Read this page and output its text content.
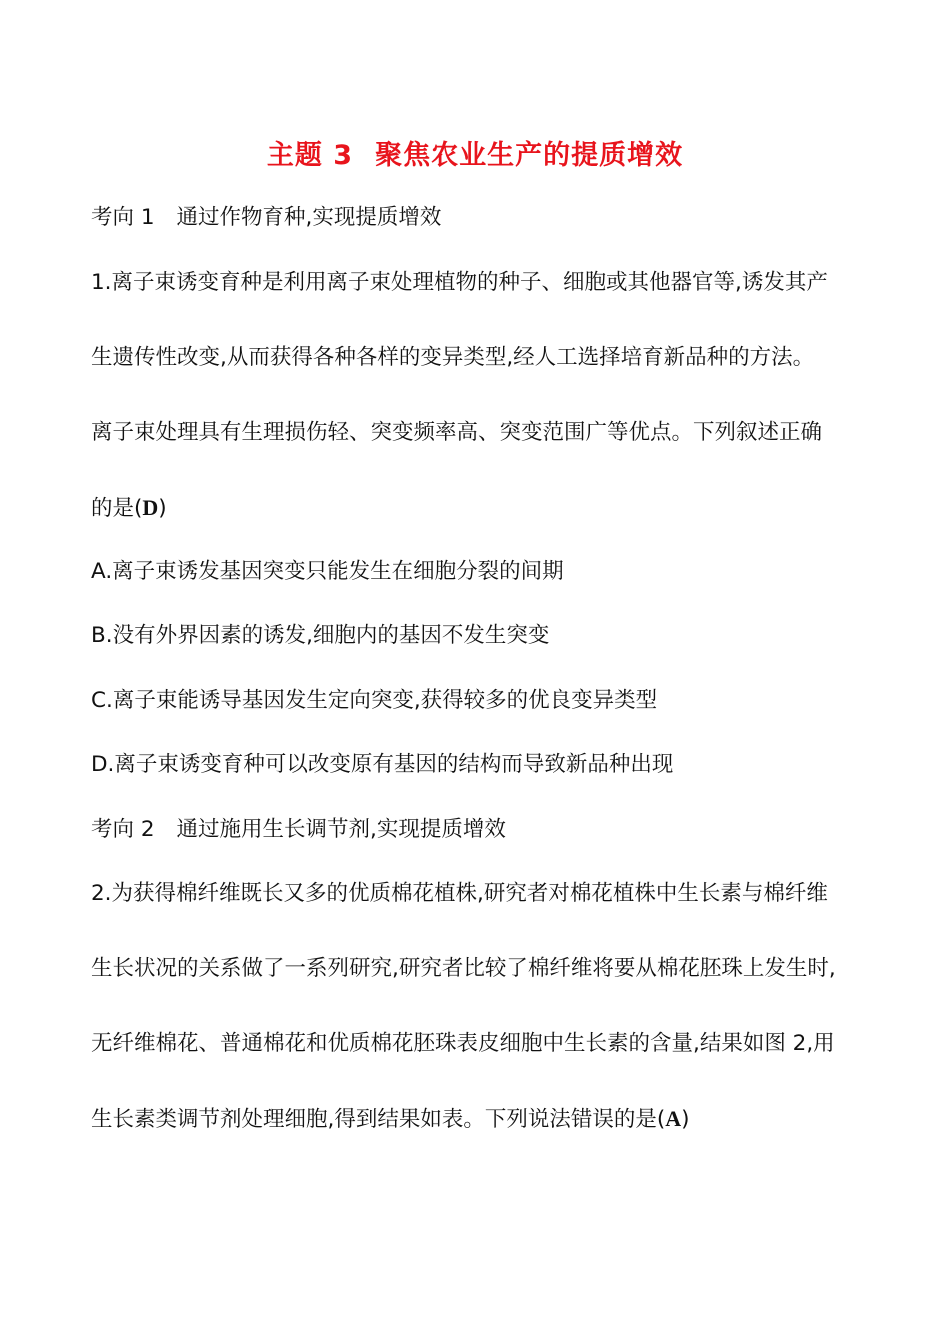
主题 3 聚焦农业生产的提质增效
考向 1 通过作物育种,实现提质增效
1.离子束诱变育种是利用离子束处理植物的种子、细胞或其他器官等,诱发其产
生遗传性改变,从而获得各种各样的变异类型,经人工选择培育新品种的方法。
离子束处理具有生理损伤轻、突变频率高、突变范围广等优点。下列叙述正确
的是(D)
A.离子束诱发基因突变只能发生在细胞分裂的间期
B.没有外界因素的诱发,细胞内的基因不发生突变
C.离子束能诱导基因发生定向突变,获得较多的优良变异类型
D.离子束诱变育种可以改变原有基因的结构而导致新品种出现
考向 2 通过施用生长调节剂,实现提质增效
2.为获得棉纤维既长又多的优质棉花植株,研究者对棉花植株中生长素与棉纤维
生长状况的关系做了一系列研究,研究者比较了棉纤维将要从棉花胚珠上发生时,
无纤维棉花、普通棉花和优质棉花胚珠表皮细胞中生长素的含量,结果如图 2,用
生长素类调节剂处理细胞,得到结果如表。下列说法错误的是(A)
